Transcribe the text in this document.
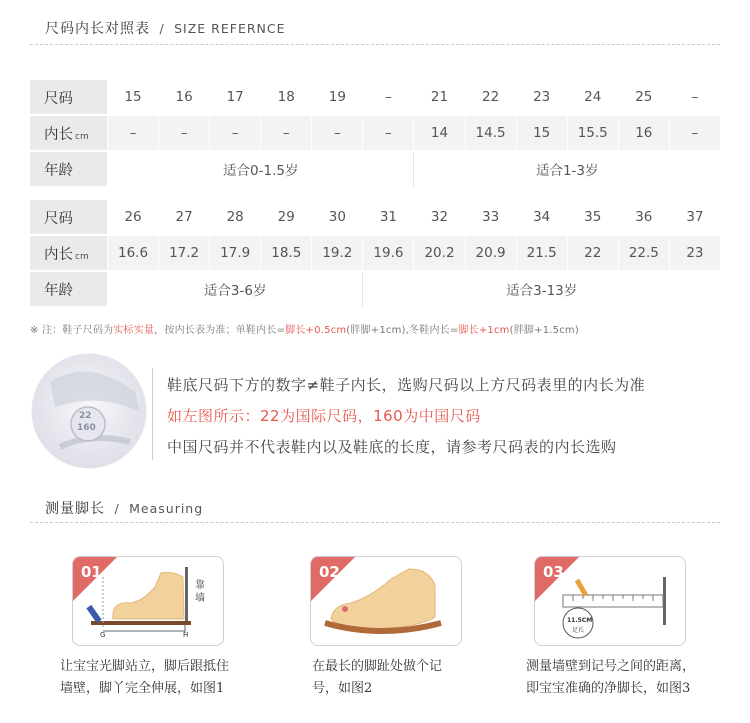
尺码内长对照表 / SIZE REFERNCE
尺码	15	16	17	18	19	–	21	22	23	24	25	–
内长 cm	–	–	–	–	–	–	14	14.5	15	15.5	16	–
年龄	适合0-1.5岁						适合1-3岁					
尺码	26	27	28	29	30	31	32	33	34	35	36	37
内长 cm	16.6	17.2	17.9	18.5	19.2	19.6	20.2	20.9	21.5	22	22.5	23
年龄	适合3-6岁					适合3-13岁						
※ 注：鞋子尺码为实标实量，按内长表为准；单鞋内长=脚长+0.5cm(胖脚+1cm),冬鞋内长=脚长+1cm(胖脚+1.5cm)
22
160
鞋底尺码下方的数字≠鞋子内长，选购尺码以上方尺码表里的内长为准
如左图所示：22为国际尺码，160为中国尺码
中国尺码并不代表鞋内以及鞋底的长度，请参考尺码表的内长选购
测量脚长 / Measuring
01
靠墙
G	H
让宝宝光脚站立，脚后跟抵住
墙壁，脚丫完全伸展，如图1
02
在最长的脚趾处做个记
号，如图2
03
11.5CM
足长
测量墙壁到记号之间的距离，
即宝宝准确的净脚长，如图3
